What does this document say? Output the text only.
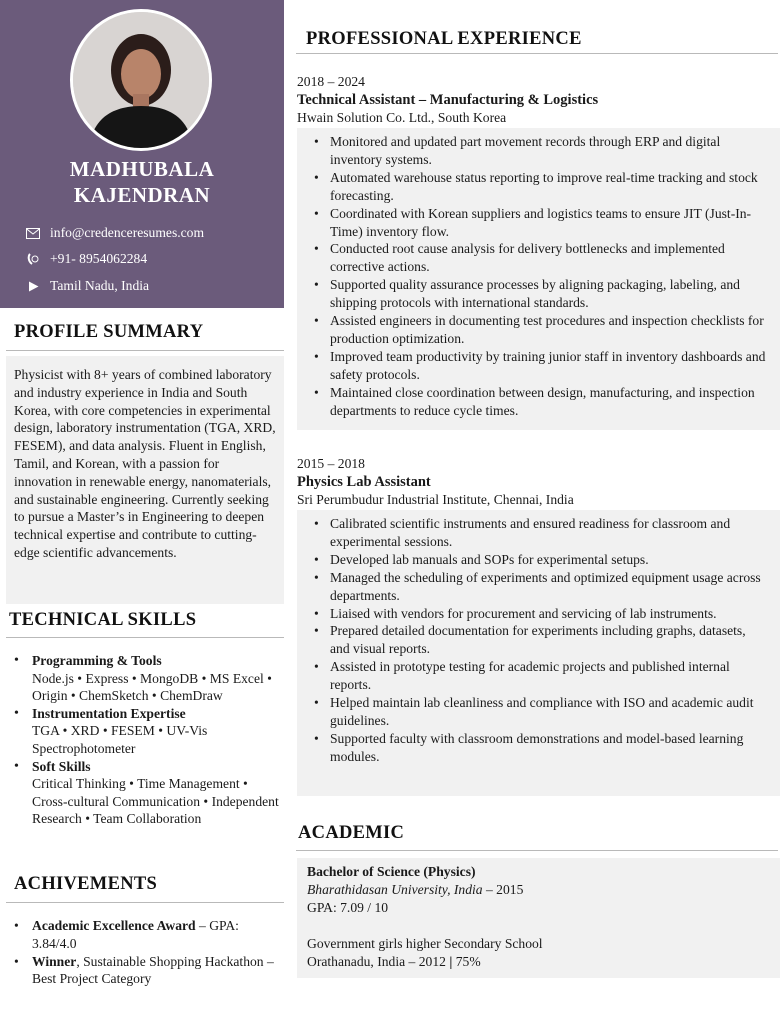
MADHUBALA
KAJENDRAN
info@credenceresumes.com
+91- 8954062284
Tamil Nadu, India
PROFILE SUMMARY
Physicist with 8+ years of combined laboratory and industry experience in India and South Korea, with core competencies in experimental design, laboratory instrumentation (TGA, XRD, FESEM), and data analysis. Fluent in English, Tamil, and Korean, with a passion for innovation in renewable energy, nanomaterials, and sustainable engineering. Currently seeking to pursue a Master’s in Engineering to deepen technical expertise and contribute to cutting-edge scientific advancements.
TECHNICAL SKILLS
• Programming & Tools
Node.js • Express • MongoDB • MS Excel • Origin • ChemSketch • ChemDraw
• Instrumentation Expertise
TGA • XRD • FESEM • UV-Vis Spectrophotometer
• Soft Skills
Critical Thinking • Time Management • Cross-cultural Communication • Independent Research • Team Collaboration
ACHIVEMENTS
• Academic Excellence Award – GPA: 3.84/4.0
• Winner, Sustainable Shopping Hackathon – Best Project Category
PROFESSIONAL EXPERIENCE
2018 – 2024
Technical Assistant – Manufacturing & Logistics
Hwain Solution Co. Ltd., South Korea
• Monitored and updated part movement records through ERP and digital inventory systems.
• Automated warehouse status reporting to improve real-time tracking and stock forecasting.
• Coordinated with Korean suppliers and logistics teams to ensure JIT (Just-In-Time) inventory flow.
• Conducted root cause analysis for delivery bottlenecks and implemented corrective actions.
• Supported quality assurance processes by aligning packaging, labeling, and shipping protocols with international standards.
• Assisted engineers in documenting test procedures and inspection checklists for production optimization.
• Improved team productivity by training junior staff in inventory dashboards and safety protocols.
• Maintained close coordination between design, manufacturing, and inspection departments to reduce cycle times.
2015 – 2018
Physics Lab Assistant
Sri Perumbudur Industrial Institute, Chennai, India
• Calibrated scientific instruments and ensured readiness for classroom and experimental sessions.
• Developed lab manuals and SOPs for experimental setups.
• Managed the scheduling of experiments and optimized equipment usage across departments.
• Liaised with vendors for procurement and servicing of lab instruments.
• Prepared detailed documentation for experiments including graphs, datasets, and visual reports.
• Assisted in prototype testing for academic projects and published internal reports.
• Helped maintain lab cleanliness and compliance with ISO and academic audit guidelines.
• Supported faculty with classroom demonstrations and model-based learning modules.
ACADEMIC
Bachelor of Science (Physics)
Bharathidasan University, India – 2015
GPA: 7.09 / 10
Government girls higher Secondary School
Orathanadu, India – 2012 | 75%
